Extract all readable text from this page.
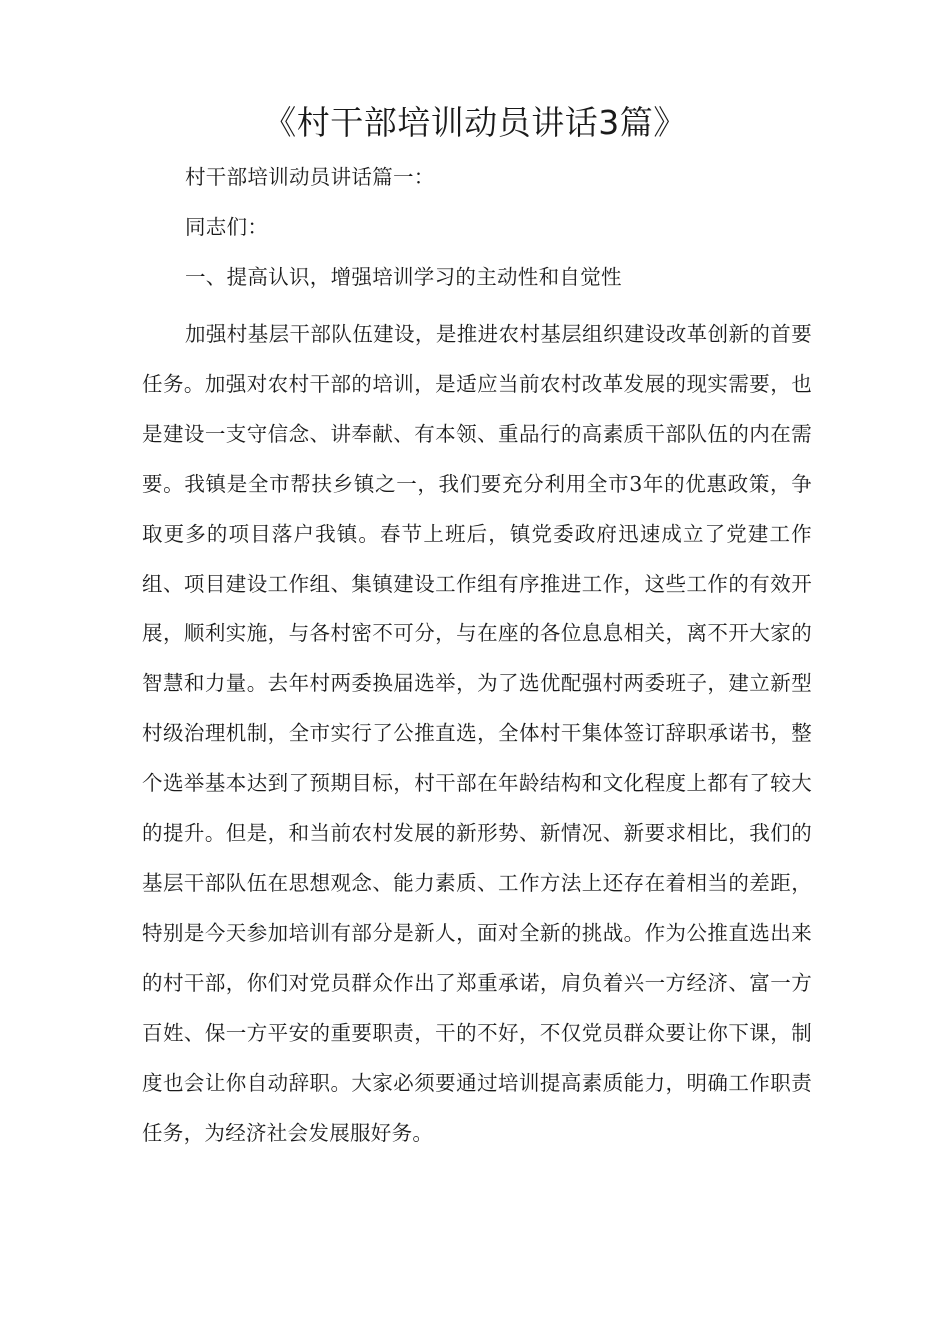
《村干部培训动员讲话3篇》
村干部培训动员讲话篇一：
同志们：
一、提高认识，增强培训学习的主动性和自觉性
加强村基层干部队伍建设，是推进农村基层组织建设改革创新的首要任务。加强对农村干部的培训，是适应当前农村改革发展的现实需要，也是建设一支守信念、讲奉献、有本领、重品行的高素质干部队伍的内在需要。我镇是全市帮扶乡镇之一，我们要充分利用全市3年的优惠政策，争取更多的项目落户我镇。春节上班后，镇党委政府迅速成立了党建工作组、项目建设工作组、集镇建设工作组有序推进工作，这些工作的有效开展，顺利实施，与各村密不可分，与在座的各位息息相关，离不开大家的智慧和力量。去年村两委换届选举，为了选优配强村两委班子，建立新型村级治理机制，全市实行了公推直选，全体村干集体签订辞职承诺书，整个选举基本达到了预期目标，村干部在年龄结构和文化程度上都有了较大的提升。但是，和当前农村发展的新形势、新情况、新要求相比，我们的基层干部队伍在思想观念、能力素质、工作方法上还存在着相当的差距，特别是今天参加培训有部分是新人，面对全新的挑战。作为公推直选出来的村干部，你们对党员群众作出了郑重承诺，肩负着兴一方经济、富一方百姓、保一方平安的重要职责，干的不好，不仅党员群众要让你下课，制度也会让你自动辞职。大家必须要通过培训提高素质能力，明确工作职责任务，为经济社会发展服好务。
